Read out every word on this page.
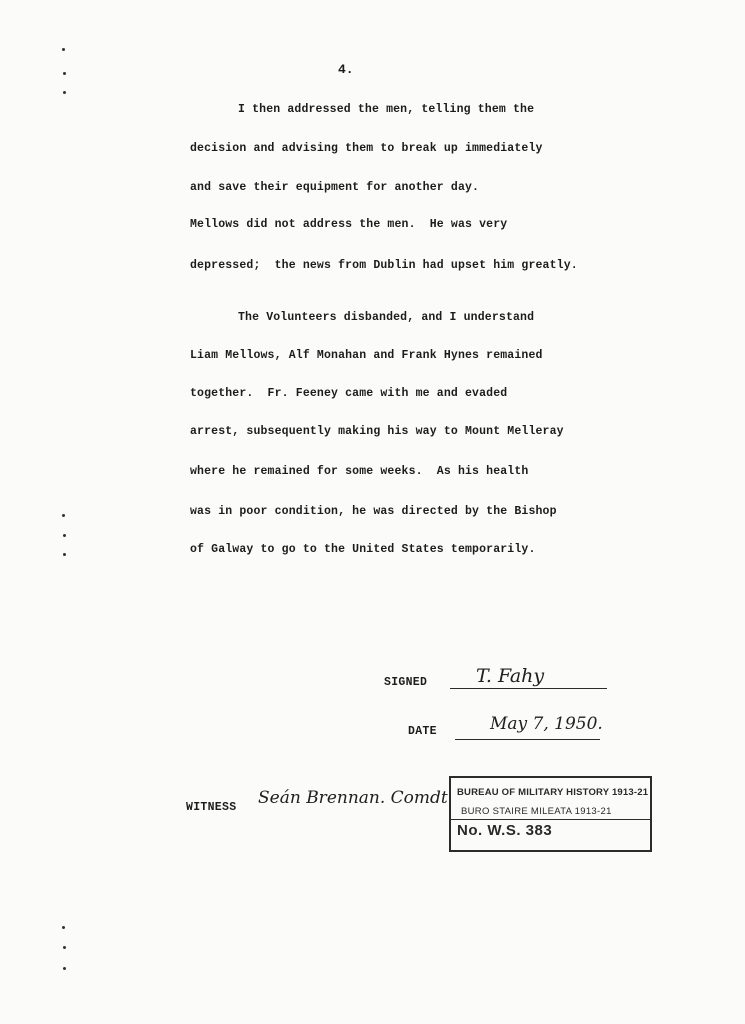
4.
I then addressed the men, telling them the
decision and advising them to break up immediately
and save their equipment for another day.
Mellows did not address the men.  He was very
depressed;  the news from Dublin had upset him greatly.
The Volunteers disbanded, and I understand
Liam Mellows, Alf Monahan and Frank Hynes remained
together.  Fr. Feeney came with me and evaded
arrest, subsequently making his way to Mount Melleray
where he remained for some weeks.  As his health
was in poor condition, he was directed by the Bishop
of Galway to go to the United States temporarily.
SIGNED	T. Fahy
DATE	May 7, 1950.
WITNESS Seán Brennan. Comdt BUREAU OF MILITARY HISTORY 1913-21
BURO STAIRE MILEATA 1913-21
No. W.S. 383
